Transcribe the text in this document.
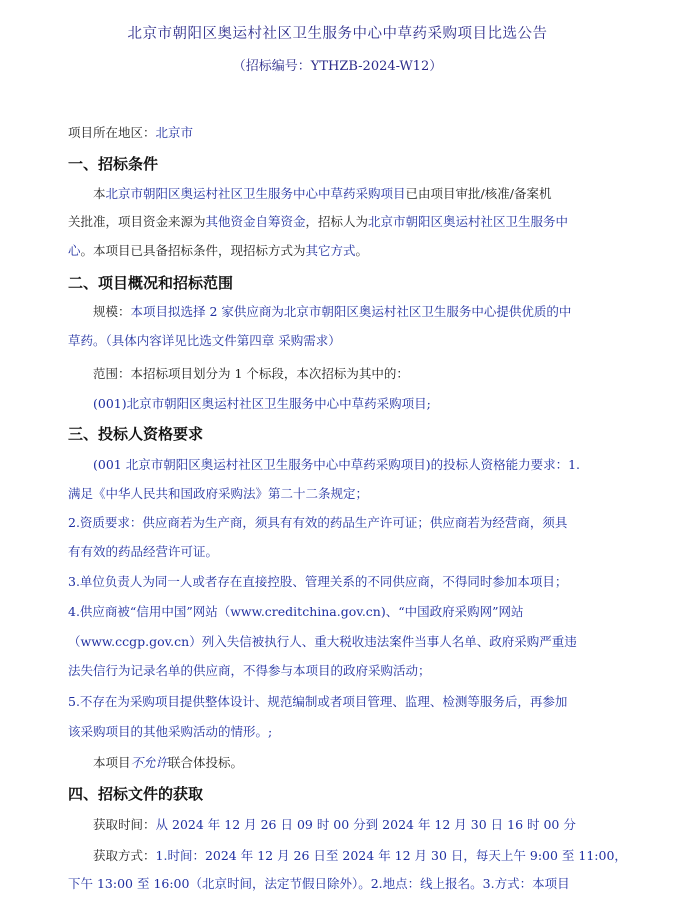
北京市朝阳区奥运村社区卫生服务中心中草药采购项目比选公告
（招标编号：YTHZB-2024-W12）
项目所在地区：北京市
一、招标条件
本北京市朝阳区奥运村社区卫生服务中心中草药采购项目已由项目审批/核准/备案机
关批准，项目资金来源为其他资金自筹资金，招标人为北京市朝阳区奥运村社区卫生服务中
心。本项目已具备招标条件，现招标方式为其它方式。
二、项目概况和招标范围
规模：本项目拟选择 2 家供应商为北京市朝阳区奥运村社区卫生服务中心提供优质的中
草药。（具体内容详见比选文件第四章 采购需求）
范围：本招标项目划分为 1 个标段，本次招标为其中的：
(001)北京市朝阳区奥运村社区卫生服务中心中草药采购项目;
三、投标人资格要求
(001 北京市朝阳区奥运村社区卫生服务中心中草药采购项目)的投标人资格能力要求：1.
满足《中华人民共和国政府采购法》第二十二条规定；
2.资质要求：供应商若为生产商，须具有有效的药品生产许可证；供应商若为经营商，须具
有有效的药品经营许可证。
3.单位负责人为同一人或者存在直接控股、管理关系的不同供应商，不得同时参加本项目；
4.供应商被“信用中国”网站（www.creditchina.gov.cn)、“中国政府采购网”网站
（www.ccgp.gov.cn）列入失信被执行人、重大税收违法案件当事人名单、政府采购严重违
法失信行为记录名单的供应商，不得参与本项目的政府采购活动；
5.不存在为采购项目提供整体设计、规范编制或者项目管理、监理、检测等服务后，再参加
该采购项目的其他采购活动的情形。;
本项目不允许联合体投标。
四、招标文件的获取
获取时间：从 2024 年 12 月 26 日 09 时 00 分到 2024 年 12 月 30 日 16 时 00 分
获取方式：1.时间：2024 年 12 月 26 日至 2024 年 12 月 30 日，每天上午 9:00 至 11:00，
下午 13:00 至 16:00（北京时间，法定节假日除外）。2.地点：线上报名。3.方式：本项目
